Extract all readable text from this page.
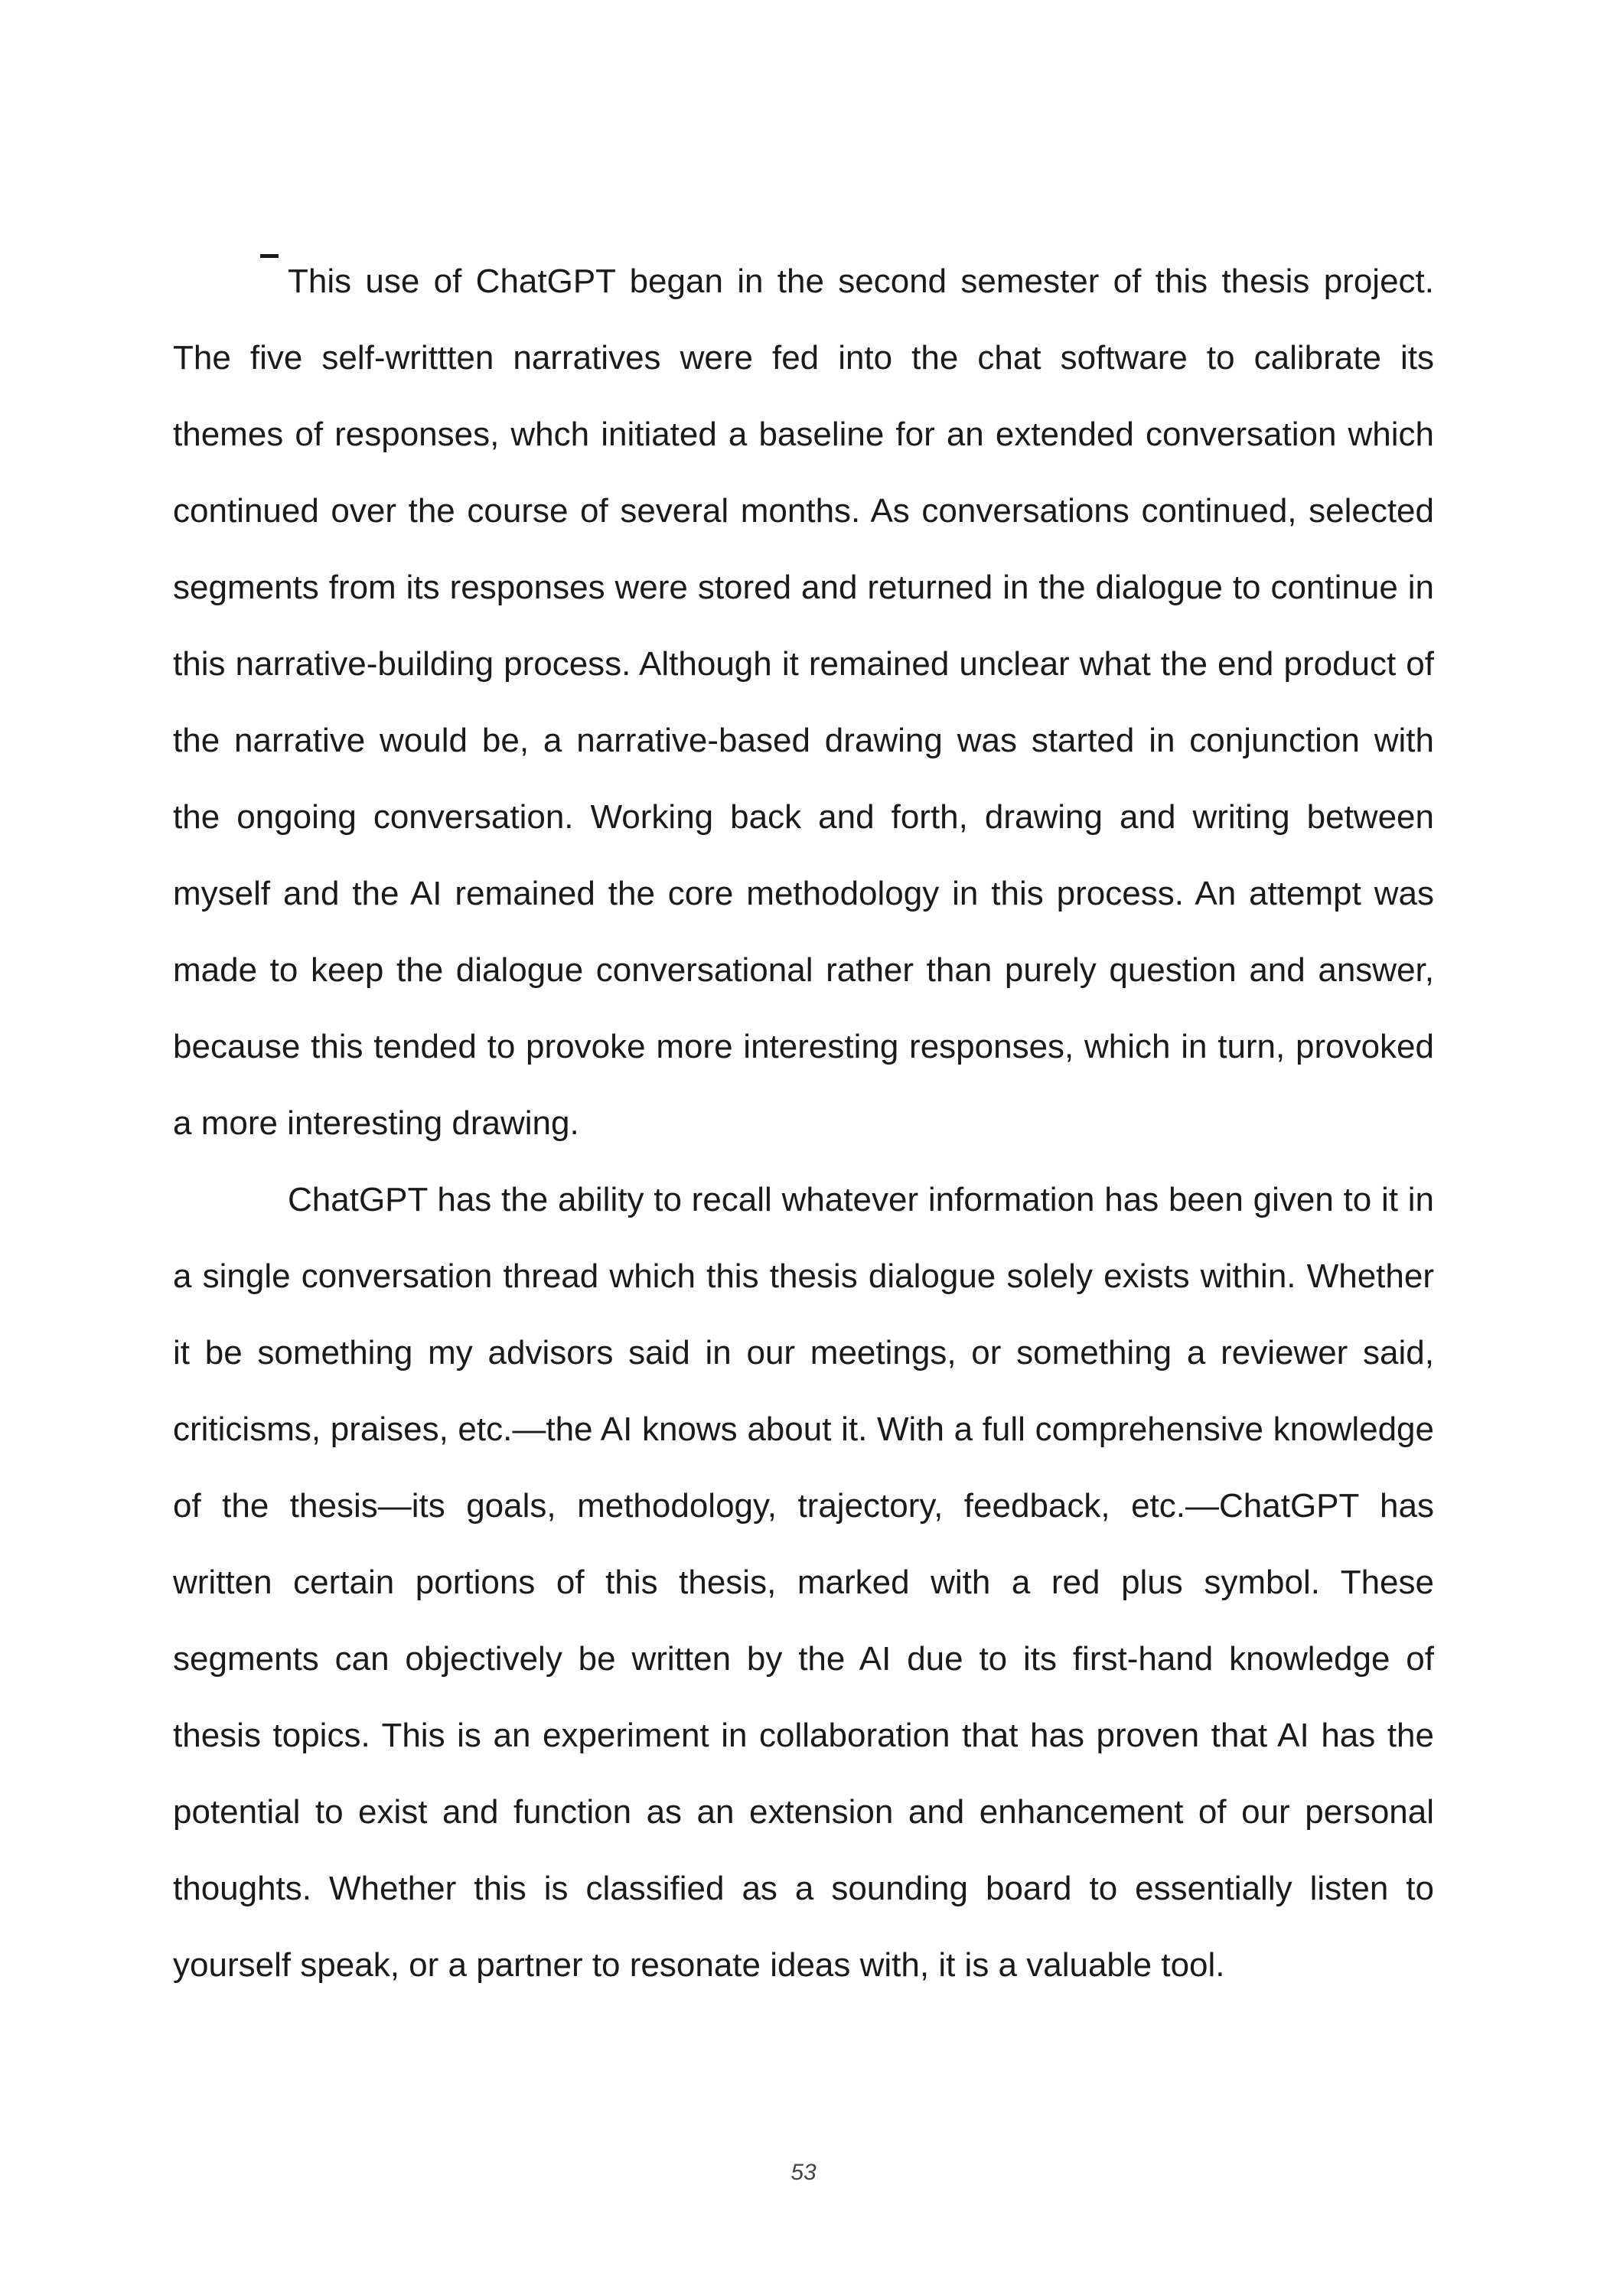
This use of ChatGPT began in the second semester of this thesis project. The five self-writtten narratives were fed into the chat software to calibrate its themes of responses, whch initiated a baseline for an extended conversation which continued over the course of several months. As conversations continued, selected segments from its responses were stored and returned in the dialogue to continue in this narrative-building process. Although it remained unclear what the end product of the narrative would be, a narrative-based drawing was started in conjunction with the ongoing conversation. Working back and forth, drawing and writing between myself and the AI remained the core methodology in this process. An attempt was made to keep the dialogue conversational rather than purely question and answer, because this tended to provoke more interesting responses, which in turn, provoked a more interesting drawing.

ChatGPT has the ability to recall whatever information has been given to it in a single conversation thread which this thesis dialogue solely exists within. Whether it be something my advisors said in our meetings, or something a reviewer said, criticisms, praises, etc.—the AI knows about it. With a full comprehensive knowledge of the thesis—its goals, methodology, trajectory, feedback, etc.—ChatGPT has written certain portions of this thesis, marked with a red plus symbol. These segments can objectively be written by the AI due to its first-hand knowledge of thesis topics. This is an experiment in collaboration that has proven that AI has the potential to exist and function as an extension and enhancement of our personal thoughts. Whether this is classified as a sounding board to essentially listen to yourself speak, or a partner to resonate ideas with, it is a valuable tool.

53
